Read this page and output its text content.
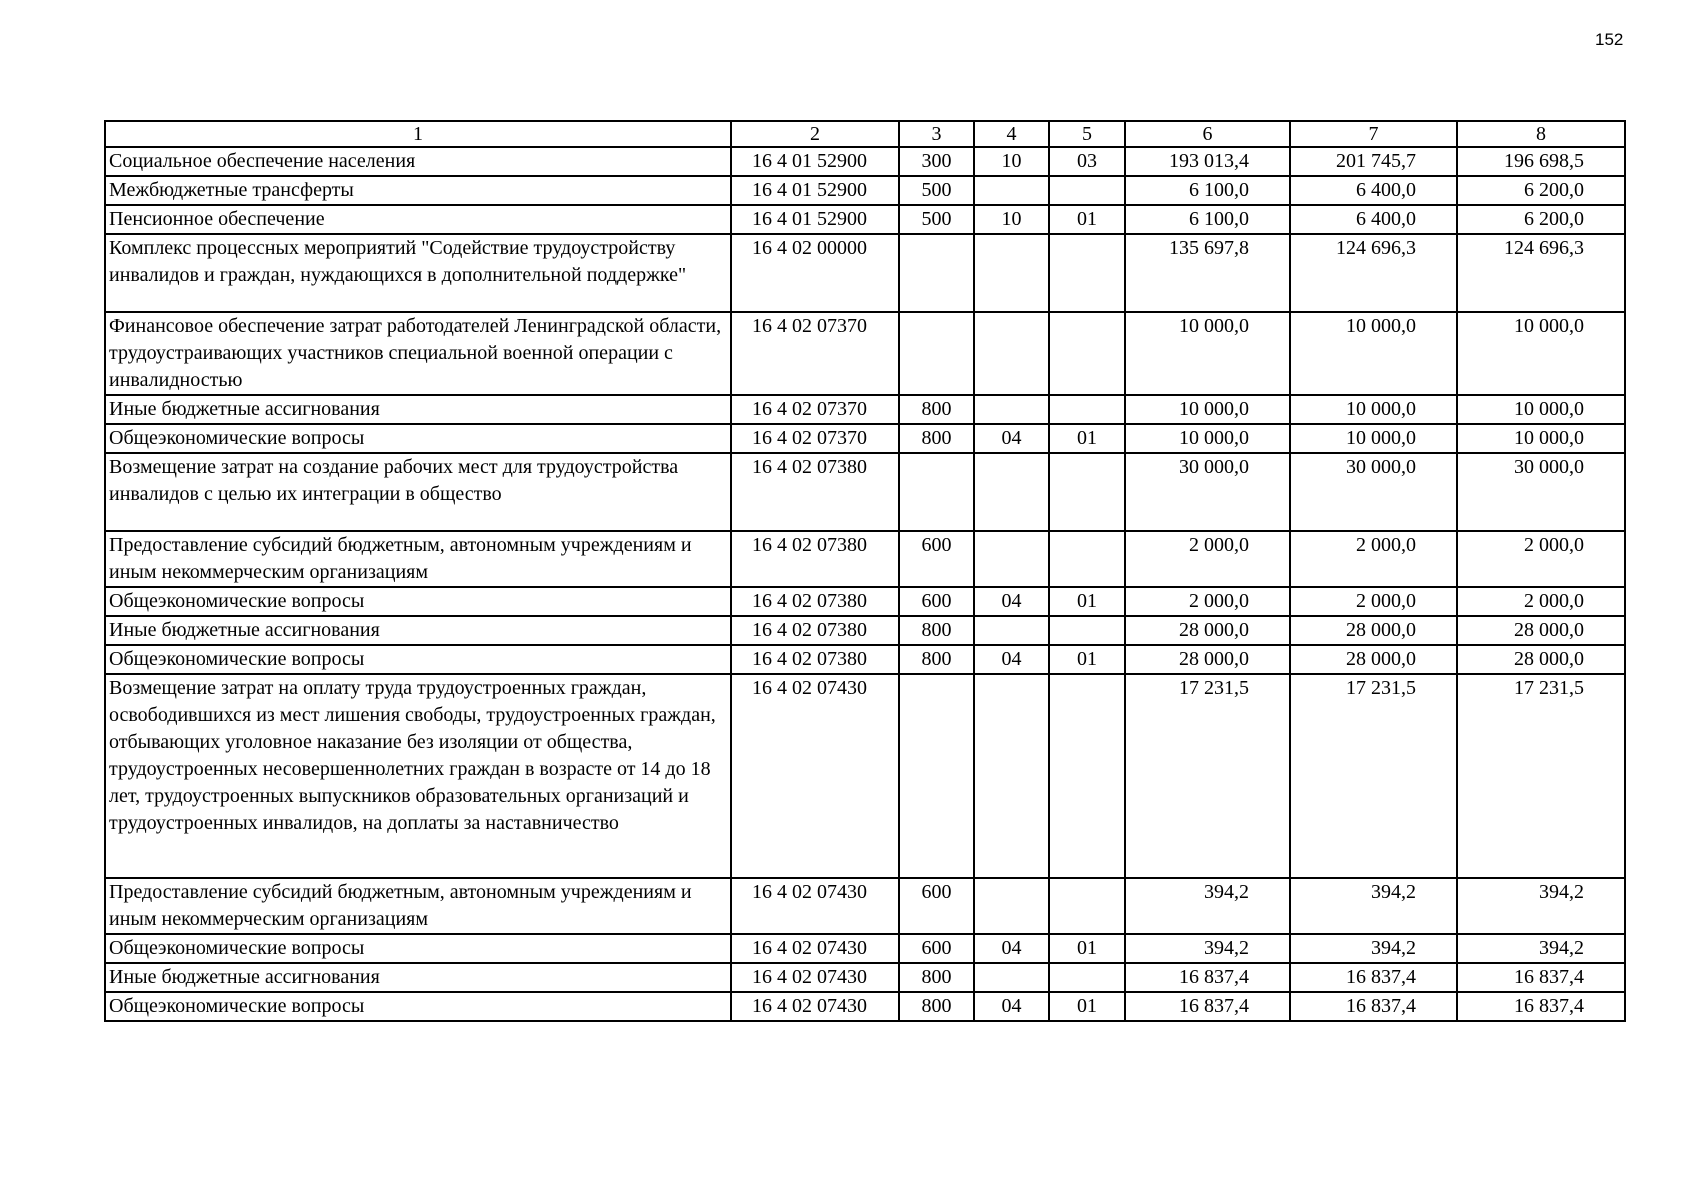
152
1	2	3	4	5	6	7	8
Социальное обеспечение населения	16 4 01 52900	300	10	03	193 013,4	201 745,7	196 698,5
Межбюджетные трансферты	16 4 01 52900	500			6 100,0	6 400,0	6 200,0
Пенсионное обеспечение	16 4 01 52900	500	10	01	6 100,0	6 400,0	6 200,0
Комплекс процессных мероприятий "Содействие трудоустройству инвалидов и граждан, нуждающихся в дополнительной поддержке"	16 4 02 00000				135 697,8	124 696,3	124 696,3
Финансовое обеспечение затрат работодателей Ленинградской области, трудоустраивающих участников специальной военной операции с инвалидностью	16 4 02 07370				10 000,0	10 000,0	10 000,0
Иные бюджетные ассигнования	16 4 02 07370	800			10 000,0	10 000,0	10 000,0
Общеэкономические вопросы	16 4 02 07370	800	04	01	10 000,0	10 000,0	10 000,0
Возмещение затрат на создание рабочих мест для трудоустройства инвалидов с целью их интеграции в общество	16 4 02 07380				30 000,0	30 000,0	30 000,0
Предоставление субсидий бюджетным, автономным учреждениям и иным некоммерческим организациям	16 4 02 07380	600			2 000,0	2 000,0	2 000,0
Общеэкономические вопросы	16 4 02 07380	600	04	01	2 000,0	2 000,0	2 000,0
Иные бюджетные ассигнования	16 4 02 07380	800			28 000,0	28 000,0	28 000,0
Общеэкономические вопросы	16 4 02 07380	800	04	01	28 000,0	28 000,0	28 000,0
Возмещение затрат на оплату труда трудоустроенных граждан, освободившихся из мест лишения свободы, трудоустроенных граждан, отбывающих уголовное наказание без изоляции от общества, трудоустроенных несовершеннолетних граждан в возрасте от 14 до 18 лет, трудоустроенных выпускников образовательных организаций и трудоустроенных инвалидов, на доплаты за наставничество	16 4 02 07430				17 231,5	17 231,5	17 231,5
Предоставление субсидий бюджетным, автономным учреждениям и иным некоммерческим организациям	16 4 02 07430	600			394,2	394,2	394,2
Общеэкономические вопросы	16 4 02 07430	600	04	01	394,2	394,2	394,2
Иные бюджетные ассигнования	16 4 02 07430	800			16 837,4	16 837,4	16 837,4
Общеэкономические вопросы	16 4 02 07430	800	04	01	16 837,4	16 837,4	16 837,4
